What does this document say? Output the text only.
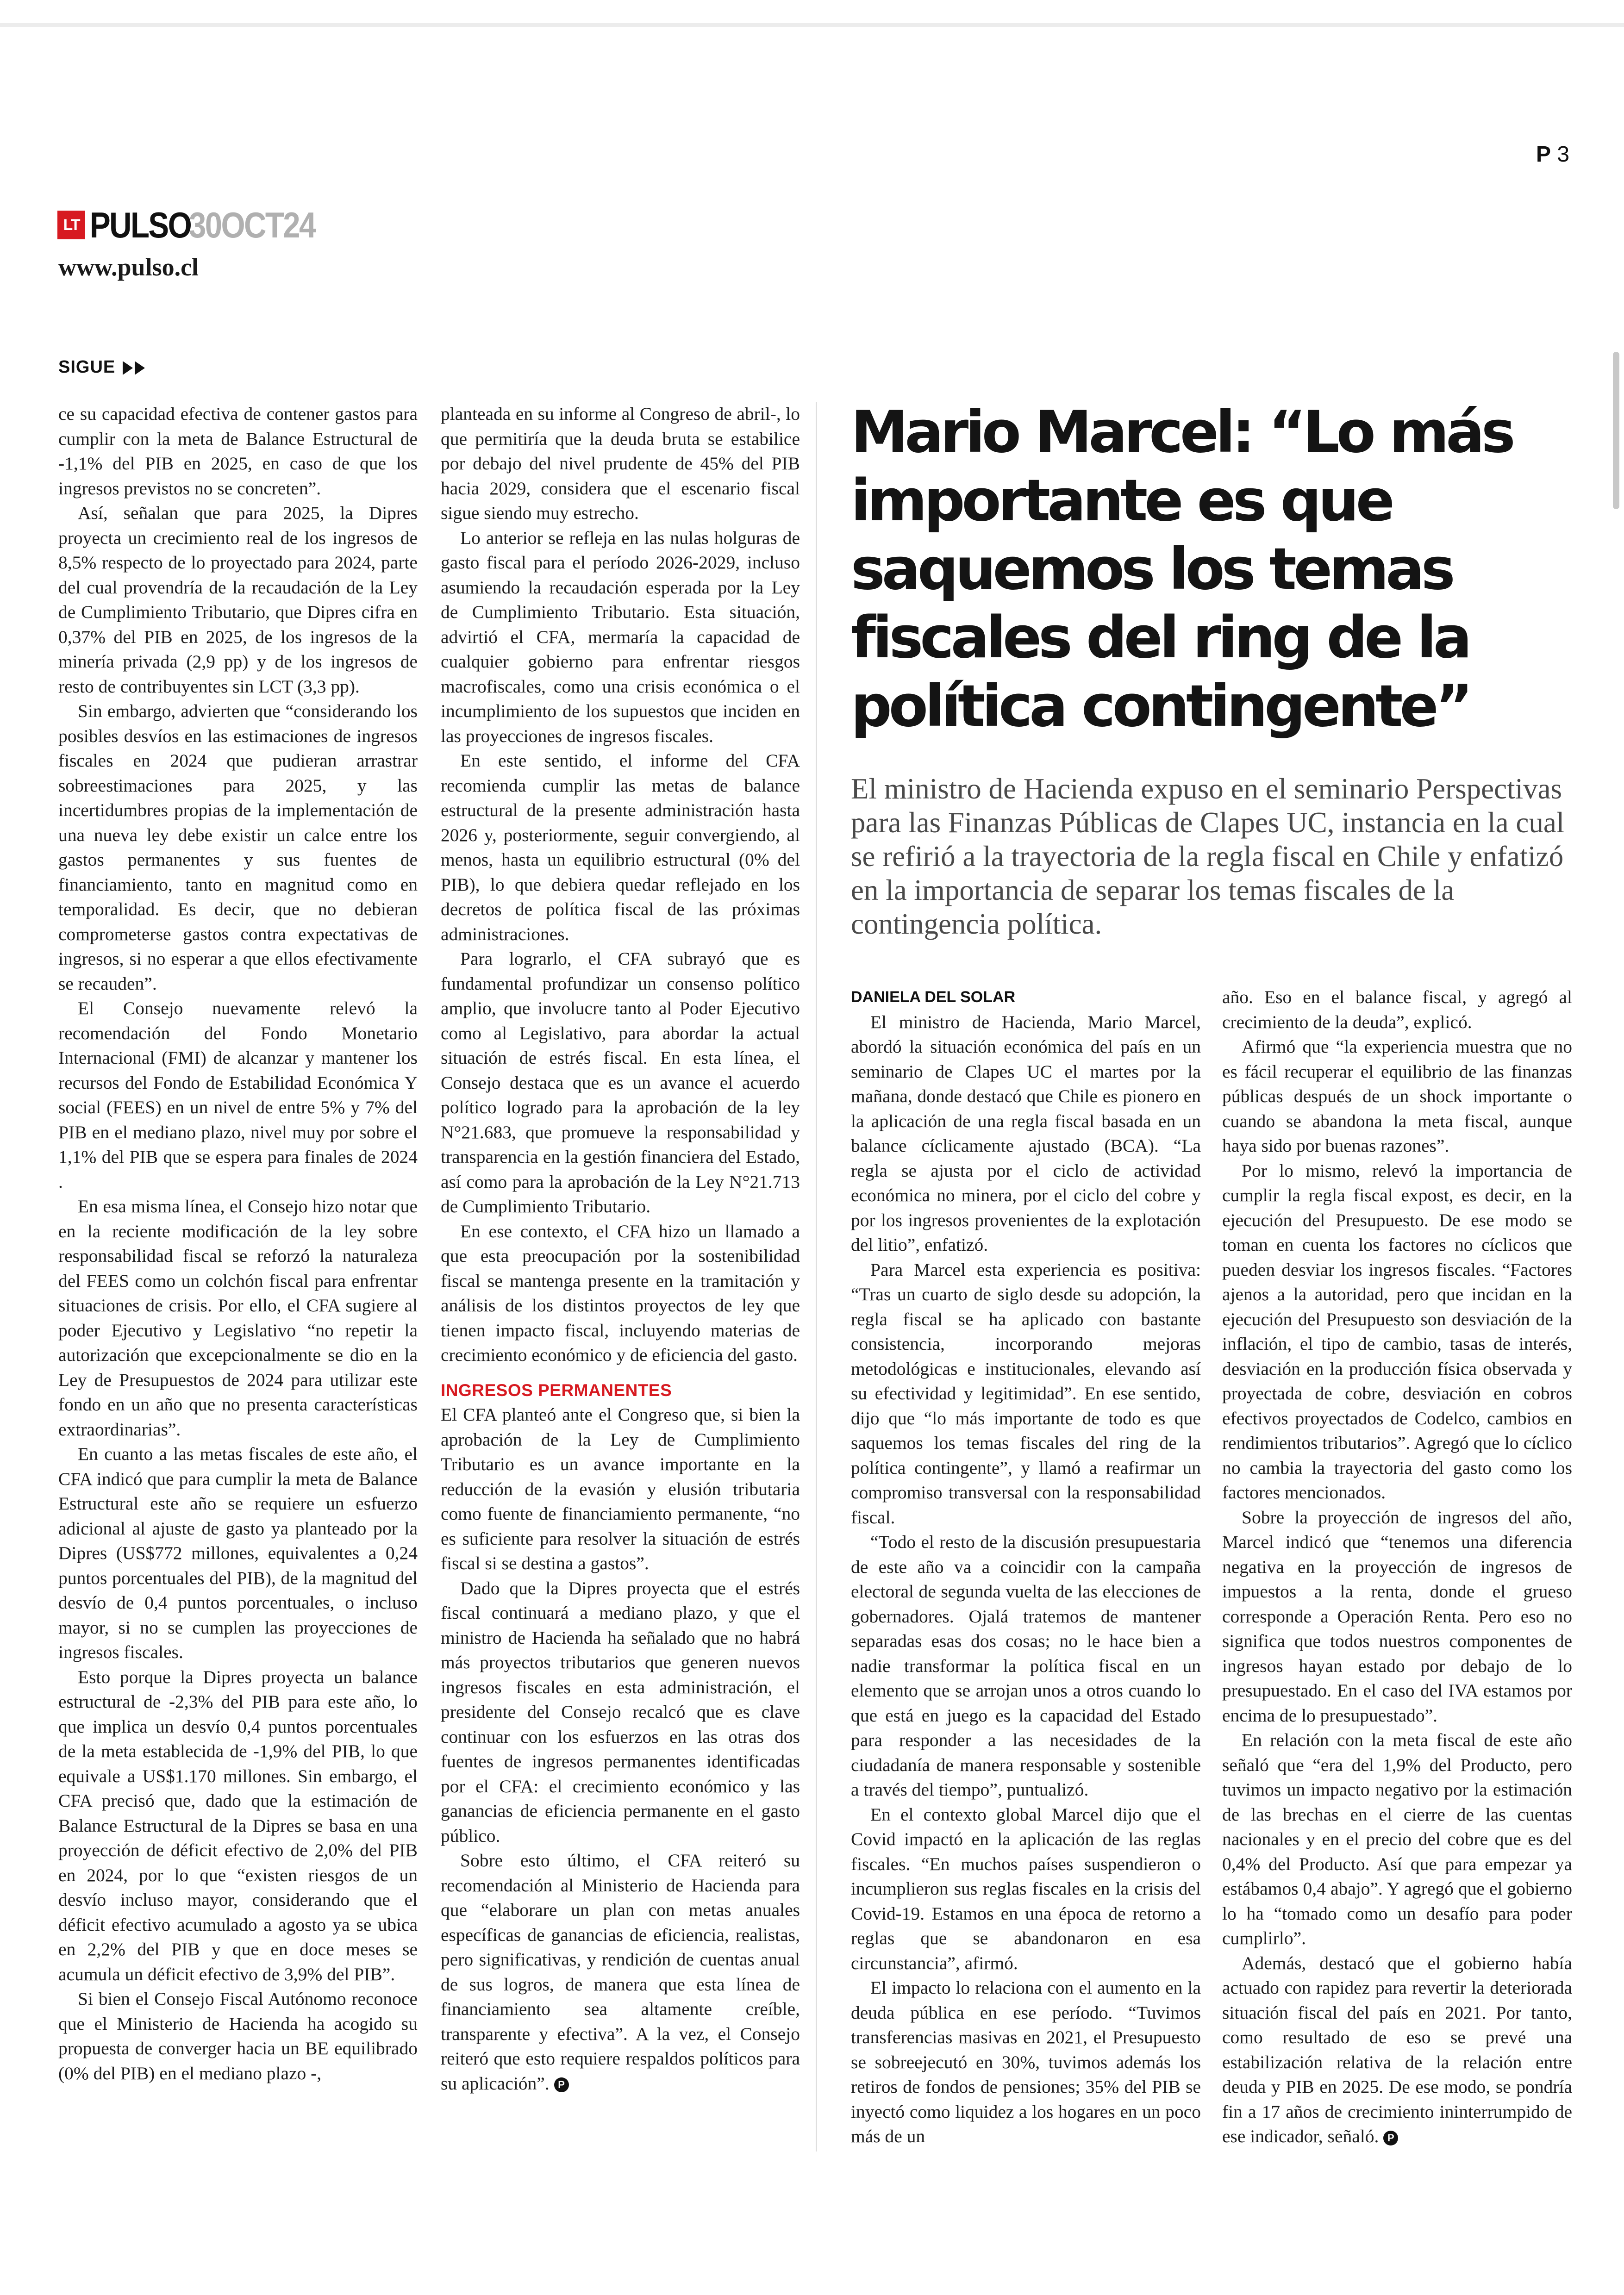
P 3
LT PULSO
30OCT24
www.pulso.cl
SIGUE

ce su capacidad efectiva de contener gastos para cumplir con la meta de Balance Estructural de -1,1% del PIB en 2025, en caso de que los ingresos previstos no se concreten”.

Así, señalan que para 2025, la Dipres proyecta un crecimiento real de los ingresos de 8,5% respecto de lo proyectado para 2024, parte del cual provendría de la recaudación de la Ley de Cumplimiento Tributario, que Dipres cifra en 0,37% del PIB en 2025, de los ingresos de la minería privada (2,9 pp) y de los ingresos de resto de contribuyentes sin LCT (3,3 pp).

Sin embargo, advierten que “considerando los posibles desvíos en las estimaciones de ingresos fiscales en 2024 que pudieran arrastrar sobreestimaciones para 2025, y las incertidumbres propias de la implementación de una nueva ley debe existir un calce entre los gastos permanentes y sus fuentes de financiamiento, tanto en magnitud como en temporalidad. Es decir, que no debieran comprometerse gastos contra expectativas de ingresos, si no esperar a que ellos efectivamente se recauden”.

El Consejo nuevamente relevó la recomendación del Fondo Monetario Internacional (FMI) de alcanzar y mantener los recursos del Fondo de Estabilidad Económica Y social (FEES) en un nivel de entre 5% y 7% del PIB en el mediano plazo, nivel muy por sobre el 1,1% del PIB que se espera para finales de 2024 .

En esa misma línea, el Consejo hizo notar que en la reciente modificación de la ley sobre responsabilidad fiscal se reforzó la naturaleza del FEES como un colchón fiscal para enfrentar situaciones de crisis. Por ello, el CFA sugiere al poder Ejecutivo y Legislativo “no repetir la autorización que excepcionalmente se dio en la Ley de Presupuestos de 2024 para utilizar este fondo en un año que no presenta características extraordinarias”.

En cuanto a las metas fiscales de este año, el CFA indicó que para cumplir la meta de Balance Estructural este año se requiere un esfuerzo adicional al ajuste de gasto ya planteado por la Dipres (US$772 millones, equivalentes a 0,24 puntos porcentuales del PIB), de la magnitud del desvío de 0,4 puntos porcentuales, o incluso mayor, si no se cumplen las proyecciones de ingresos fiscales.

Esto porque la Dipres proyecta un balance estructural de -2,3% del PIB para este año, lo que implica un desvío 0,4 puntos porcentuales de la meta establecida de -1,9% del PIB, lo que equivale a US$1.170 millones. Sin embargo, el CFA precisó que, dado que la estimación de Balance Estructural de la Dipres se basa en una proyección de déficit efectivo de 2,0% del PIB en 2024, por lo que “existen riesgos de un desvío incluso mayor, considerando que el déficit efectivo acumulado a agosto ya se ubica en 2,2% del PIB y que en doce meses se acumula un déficit efectivo de 3,9% del PIB”.

Si bien el Consejo Fiscal Autónomo reconoce que el Ministerio de Hacienda ha acogido su propuesta de converger hacia un BE equilibrado (0% del PIB) en el mediano plazo -,

planteada en su informe al Congreso de abril-, lo que permitiría que la deuda bruta se estabilice por debajo del nivel prudente de 45% del PIB hacia 2029, considera que el escenario fiscal sigue siendo muy estrecho.

Lo anterior se refleja en las nulas holguras de gasto fiscal para el período 2026-2029, incluso asumiendo la recaudación esperada por la Ley de Cumplimiento Tributario. Esta situación, advirtió el CFA, mermaría la capacidad de cualquier gobierno para enfrentar riesgos macrofiscales, como una crisis económica o el incumplimiento de los supuestos que inciden en las proyecciones de ingresos fiscales.

En este sentido, el informe del CFA recomienda cumplir las metas de balance estructural de la presente administración hasta 2026 y, posteriormente, seguir convergiendo, al menos, hasta un equilibrio estructural (0% del PIB), lo que debiera quedar reflejado en los decretos de política fiscal de las próximas administraciones.

Para lograrlo, el CFA subrayó que es fundamental profundizar un consenso político amplio, que involucre tanto al Poder Ejecutivo como al Legislativo, para abordar la actual situación de estrés fiscal. En esta línea, el Consejo destaca que es un avance el acuerdo político logrado para la aprobación de la ley N°21.683, que promueve la responsabilidad y transparencia en la gestión financiera del Estado, así como para la aprobación de la Ley N°21.713 de Cumplimiento Tributario.

En ese contexto, el CFA hizo un llamado a que esta preocupación por la sostenibilidad fiscal se mantenga presente en la tramitación y análisis de los distintos proyectos de ley que tienen impacto fiscal, incluyendo materias de crecimiento económico y de eficiencia del gasto.

INGRESOS PERMANENTES

El CFA planteó ante el Congreso que, si bien la aprobación de la Ley de Cumplimiento Tributario es un avance importante en la reducción de la evasión y elusión tributaria como fuente de financiamiento permanente, “no es suficiente para resolver la situación de estrés fiscal si se destina a gastos”.

Dado que la Dipres proyecta que el estrés fiscal continuará a mediano plazo, y que el ministro de Hacienda ha señalado que no habrá más proyectos tributarios que generen nuevos ingresos fiscales en esta administración, el presidente del Consejo recalcó que es clave continuar con los esfuerzos en las otras dos fuentes de ingresos permanentes identificadas por el CFA: el crecimiento económico y las ganancias de eficiencia permanente en el gasto público.

Sobre esto último, el CFA reiteró su recomendación al Ministerio de Hacienda para que “elaborare un plan con metas anuales específicas de ganancias de eficiencia, realistas, pero significativas, y rendición de cuentas anual de sus logros, de manera que esta línea de financiamiento sea altamente creíble, transparente y efectiva”. A la vez, el Consejo reiteró que esto requiere respaldos políticos para su aplicación”. P

Mario Marcel: “Lo más importante es que saquemos los temas fiscales del ring de la política contingente”
El ministro de Hacienda expuso en el seminario Perspectivas para las Finanzas Públicas de Clapes UC, instancia en la cual se refirió a la trayectoria de la regla fiscal en Chile y enfatizó en la importancia de separar los temas fiscales de la contingencia política.
DANIELA DEL SOLAR

El ministro de Hacienda, Mario Marcel, abordó la situación económica del país en un seminario de Clapes UC el martes por la mañana, donde destacó que Chile es pionero en la aplicación de una regla fiscal basada en un balance cíclicamente ajustado (BCA). “La regla se ajusta por el ciclo de actividad económica no minera, por el ciclo del cobre y por los ingresos provenientes de la explotación del litio”, enfatizó.

Para Marcel esta experiencia es positiva: “Tras un cuarto de siglo desde su adopción, la regla fiscal se ha aplicado con bastante consistencia, incorporando mejoras metodológicas e institucionales, elevando así su efectividad y legitimidad”. En ese sentido, dijo que “lo más importante de todo es que saquemos los temas fiscales del ring de la política contingente”, y llamó a reafirmar un compromiso transversal con la responsabilidad fiscal.

“Todo el resto de la discusión presupuestaria de este año va a coincidir con la campaña electoral de segunda vuelta de las elecciones de gobernadores. Ojalá tratemos de mantener separadas esas dos cosas; no le hace bien a nadie transformar la política fiscal en un elemento que se arrojan unos a otros cuando lo que está en juego es la capacidad del Estado para responder a las necesidades de la ciudadanía de manera responsable y sostenible a través del tiempo”, puntualizó.

En el contexto global Marcel dijo que el Covid impactó en la aplicación de las reglas fiscales. “En muchos países suspendieron o incumplieron sus reglas fiscales en la crisis del Covid-19. Estamos en una época de retorno a reglas que se abandonaron en esa circunstancia”, afirmó.

El impacto lo relaciona con el aumento en la deuda pública en ese período. “Tuvimos transferencias masivas en 2021, el Presupuesto se sobreejecutó en 30%, tuvimos además los retiros de fondos de pensiones; 35% del PIB se inyectó como liquidez a los hogares en un poco más de un

año. Eso en el balance fiscal, y agregó al crecimiento de la deuda”, explicó.

Afirmó que “la experiencia muestra que no es fácil recuperar el equilibrio de las finanzas públicas después de un shock importante o cuando se abandona la meta fiscal, aunque haya sido por buenas razones”.

Por lo mismo, relevó la importancia de cumplir la regla fiscal expost, es decir, en la ejecución del Presupuesto. De ese modo se toman en cuenta los factores no cíclicos que pueden desviar los ingresos fiscales. “Factores ajenos a la autoridad, pero que incidan en la ejecución del Presupuesto son desviación de la inflación, el tipo de cambio, tasas de interés, desviación en la producción física observada y proyectada de cobre, desviación en cobros efectivos proyectados de Codelco, cambios en rendimientos tributarios”. Agregó que lo cíclico no cambia la trayectoria del gasto como los factores mencionados.

Sobre la proyección de ingresos del año, Marcel indicó que “tenemos una diferencia negativa en la proyección de ingresos de impuestos a la renta, donde el grueso corresponde a Operación Renta. Pero eso no significa que todos nuestros componentes de ingresos hayan estado por debajo de lo presupuestado. En el caso del IVA estamos por encima de lo presupuestado”.

En relación con la meta fiscal de este año señaló que “era del 1,9% del Producto, pero tuvimos un impacto negativo por la estimación de las brechas en el cierre de las cuentas nacionales y en el precio del cobre que es del 0,4% del Producto. Así que para empezar ya estábamos 0,4 abajo”. Y agregó que el gobierno lo ha “tomado como un desafío para poder cumplirlo”.

Además, destacó que el gobierno había actuado con rapidez para revertir la deteriorada situación fiscal del país en 2021. Por tanto, como resultado de eso se prevé una estabilización relativa de la relación entre deuda y PIB en 2025. De ese modo, se pondría fin a 17 años de crecimiento ininterrumpido de ese indicador, señaló. P
